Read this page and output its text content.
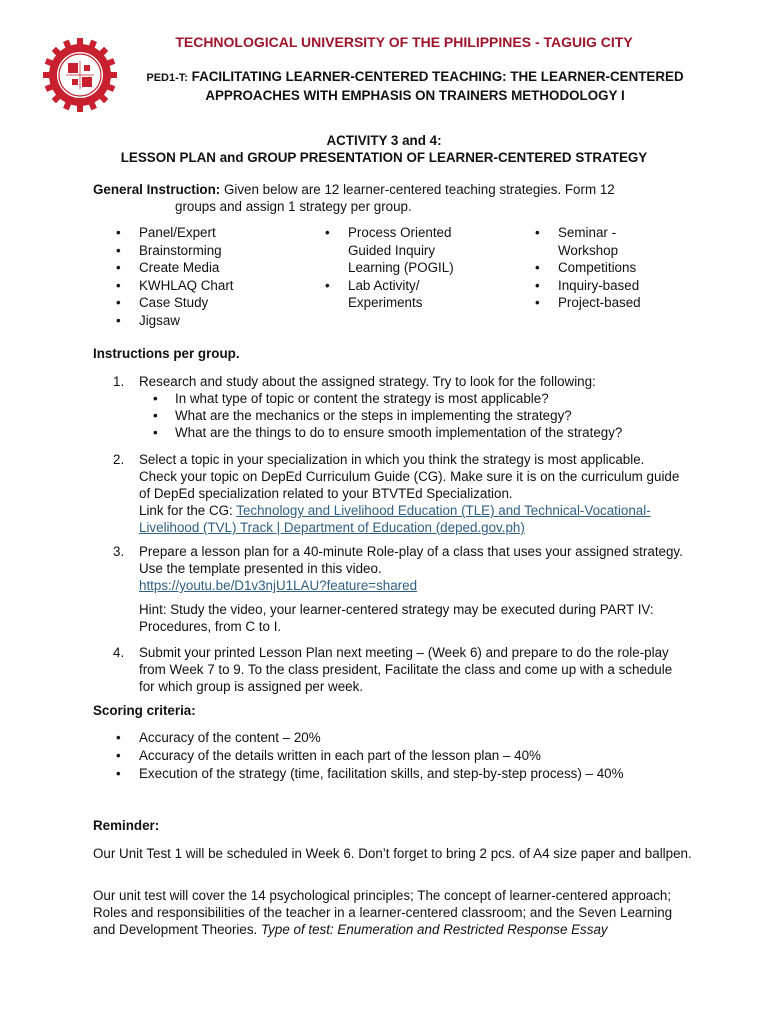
TECHNOLOGICAL UNIVERSITY OF THE PHILIPPINES - TAGUIG CITY
PED1-T: FACILITATING LEARNER-CENTERED TEACHING: THE LEARNER-CENTERED
APPROACHES WITH EMPHASIS ON TRAINERS METHODOLOGY I
ACTIVITY 3 and 4:
LESSON PLAN and GROUP PRESENTATION OF LEARNER-CENTERED STRATEGY
General Instruction: Given below are 12 learner-centered teaching strategies. Form 12
groups and assign 1 strategy per group.
• Panel/Expert
• Brainstorming
• Create Media
• KWHLAQ Chart
• Case Study
• Jigsaw
• Process Oriented Guided Inquiry Learning (POGIL)
• Lab Activity/ Experiments
• Seminar - Workshop
• Competitions
• Inquiry-based
• Project-based
Instructions per group.
1. Research and study about the assigned strategy. Try to look for the following:
• In what type of topic or content the strategy is most applicable?
• What are the mechanics or the steps in implementing the strategy?
• What are the things to do to ensure smooth implementation of the strategy?
2. Select a topic in your specialization in which you think the strategy is most applicable. Check your topic on DepEd Curriculum Guide (CG). Make sure it is on the curriculum guide of DepEd specialization related to your BTVTEd Specialization.
Link for the CG: Technology and Livelihood Education (TLE) and Technical-Vocational-Livelihood (TVL) Track | Department of Education (deped.gov.ph)
3. Prepare a lesson plan for a 40-minute Role-play of a class that uses your assigned strategy. Use the template presented in this video.
https://youtu.be/D1v3njU1LAU?feature=shared
Hint: Study the video, your learner-centered strategy may be executed during PART IV: Procedures, from C to I.
4. Submit your printed Lesson Plan next meeting – (Week 6) and prepare to do the role-play from Week 7 to 9. To the class president, Facilitate the class and come up with a schedule for which group is assigned per week.
Scoring criteria:
• Accuracy of the content – 20%
• Accuracy of the details written in each part of the lesson plan – 40%
• Execution of the strategy (time, facilitation skills, and step-by-step process) – 40%
Reminder:
Our Unit Test 1 will be scheduled in Week 6. Don’t forget to bring 2 pcs. of A4 size paper and ballpen.
Our unit test will cover the 14 psychological principles; The concept of learner-centered approach; Roles and responsibilities of the teacher in a learner-centered classroom; and the Seven Learning and Development Theories. Type of test: Enumeration and Restricted Response Essay
